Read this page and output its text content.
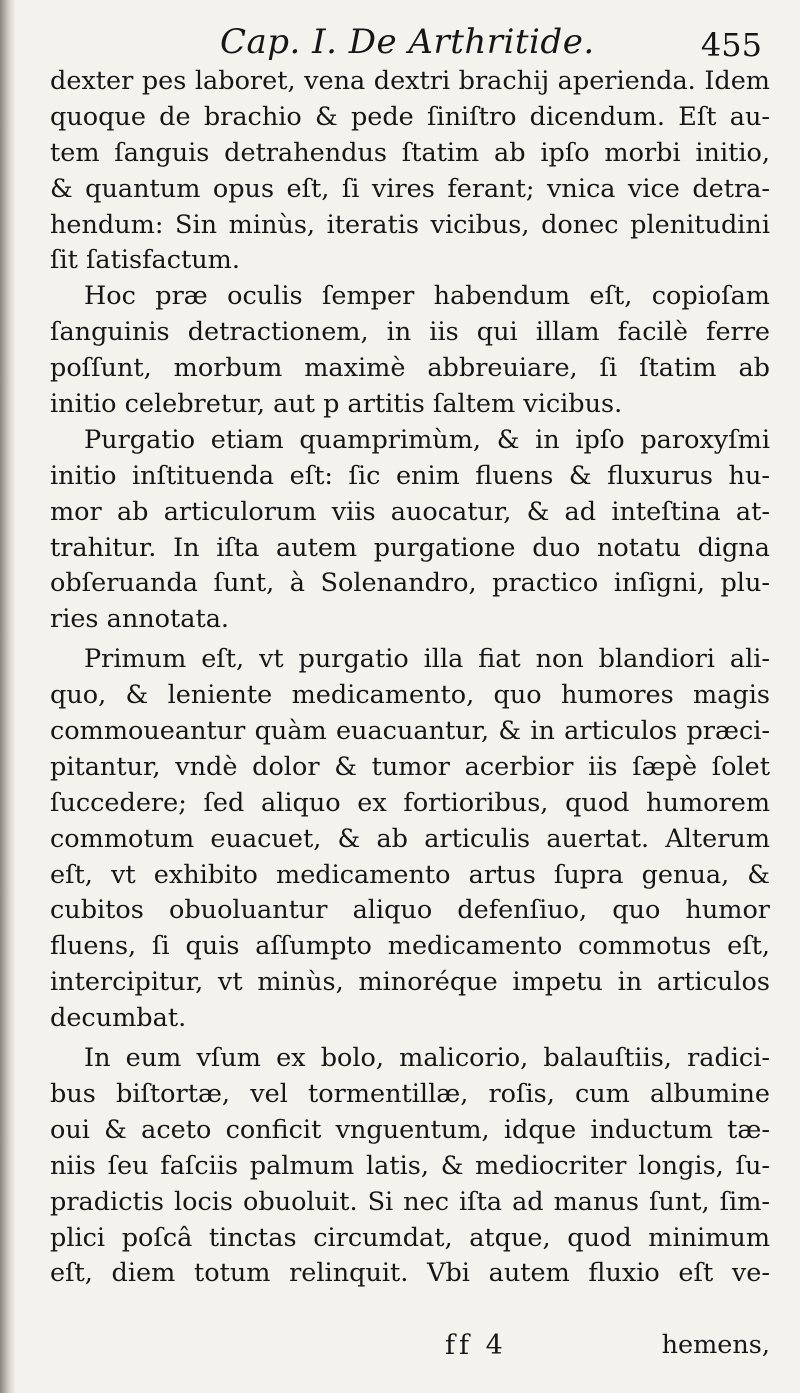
Cap. I. De Arthritide.	455

dexter pes laboret, vena dextri brachij aperienda. Idem
quoque de brachio & pede ſiniſtro dicendum. Eſt au-
tem ſanguis detrahendus ſtatim ab ipſo morbi initio,
& quantum opus eſt, ſi vires ferant; vnica vice detra-
hendum: Sin minùs, iteratis vicibus, donec plenitudini
ſit ſatisfactum.

Hoc præ oculis ſemper habendum eſt, copioſam
ſanguinis detractionem, in iis qui illam facilè ferre
poſſunt, morbum maximè abbreuiare, ſi ſtatim ab
initio celebretur, aut p artitis ſaltem vicibus.

Purgatio etiam quamprimùm, & in ipſo paroxyſmi
initio inſtituenda eſt: ſic enim fluens & fluxurus hu-
mor ab articulorum viis auocatur, & ad inteſtina at-
trahitur. In iſta autem purgatione duo notatu digna
obſeruanda ſunt, à Solenandro, practico inſigni, plu-
ries annotata.

Primum eſt, vt purgatio illa fiat non blandiori ali-
quo, & leniente medicamento, quo humores magis
commoueantur quàm euacuantur, & in articulos præci-
pitantur, vndè dolor & tumor acerbior iis ſæpè ſolet
ſuccedere; ſed aliquo ex fortioribus, quod humorem
commotum euacuet, & ab articulis auertat. Alterum
eſt, vt exhibito medicamento artus ſupra genua, &
cubitos obuoluantur aliquo defenſiuo, quo humor
fluens, ſi quis aſſumpto medicamento commotus eſt,
intercipitur, vt minùs, minoréque impetu in articulos
decumbat.

In eum vſum ex bolo, malicorio, balauſtiis, radici-
bus biſtortæ, vel tormentillæ, roſis, cum albumine
oui & aceto conficit vnguentum, idque inductum tæ-
niis ſeu faſciis palmum latis, & mediocriter longis, ſu-
pradictis locis obuoluit. Si nec iſta ad manus ſunt, ſim-
plici poſcâ tinctas circumdat, atque, quod minimum
eſt, diem totum relinquit. Vbi autem fluxio eſt ve-

ff 4	hemens,
